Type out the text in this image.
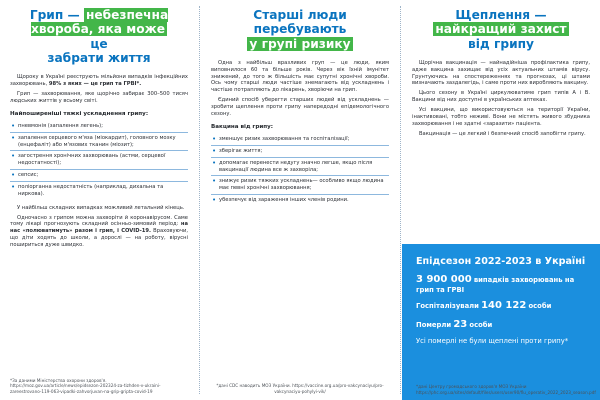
Грип — небезпечна хвороба, яка може
це
забрати життя

Щороку в Україні реєструють мільйони випадків інфекційних захворювань, 98% з яких — це грип та ГРВІ*.

Грип — захворювання, яке щорічно забирає 300–500 тисяч людських життів у всьому світі.

Найпоширеніші тяжкі ускладнення грипу:
• пневмонія (запалення легень);
• запалення серцевого м'яза (міокардит), головного мозку (енцефаліт) або м'язових тканин (міозит);
• загострення хронічних захворювань (астми, серцевої недостатності);
• сепсис;
• поліорганна недостатність (наприклад, дихальна та ниркова).

У найбільш складних випадках можливий летальний кінець.

Одночасно з грипом можна захворіти й коронавірусом. Саме тому лікарі прогнозують складний осінньо-зимовий період: на нас «полюватимуть» разом і грип, і COVID-19. Враховуючи, що діти ходять до школи, а дорослі — на роботу, вірусні пошириться дуже швидко.

*За даними Міністерства охорони здоров'я. https://moz.gov.ua/article/news/epidsezon-202324-za-tizhden-v-ukraini-zareestrovano-119-063-vipadki-zahvorjuvan-na-grip-gripta-covid-19
Старші люди
перебувають
у групі ризику

Одна з найбільш вразливих груп — це люди, яким виповнилося 60 та більше років. Через вік їхній імунітет знижений, до того ж більшість має супутні хронічні хвороби. Ось чому старші люди частіше знемагають від ускладнень і частіше потрапляють до лікарень, хворіючи на грип.

Єдиний спосіб уберегти старших людей від ускладнень — зробити щеплення проти грипу напередодні епідемологічного сезону.

Вакцина від грипу:
• зменшує ризик захворювання та госпіталізації;
• зберігає життя;
• допомагає перенести недугу значно легше, якщо після вакцинації людина все ж захворіла;
• знижує ризик тяжких ускладнень— особливо якщо людина має певні хронічні захворювання;
• убезпечує від зараження інших членів родини.
*дані CDC наводить МОЗ України. https://vaccine.org.ua/pro-vakcynaciyu/pro-vakcynaciyu-pohylyi-vik/
Щеплення —
найкращий захист
від грипу

Щорічна вакцинація — найнадійніша профілактика грипу, адже вакцина захищає від усіх актуальних штамів вірусу. Грунтуючись на спостереженнях та прогнозах, ці штами визначають заздалегідь, і саме проти них виробляють вакцину.

Цього сезону в Україні циркулюватиме грип типів A і B. Вакцини від них доступні в українських аптеках.

Усі вакцини, що використовуються на території України, інактивовані, тобто неживі. Вони не містять живого збудника захворювання і не здатні «заразити» пацієнта.

Вакцинація — це легкий і безпечний спосіб запобігти грипу.

Епідсезон 2022-2023 в Україні
3 900 000 випадків захворювань на грип та ГРВІ
Госпіталізували 140 122 особи
Померли 23 особи
Усі померлі не були щеплені проти грипу*
*дані Центру громадського здоров'я МОЗ України https://phc.org.ua/sites/default/files/users/user90/flu_operativ_2022_2023_season.pdf
